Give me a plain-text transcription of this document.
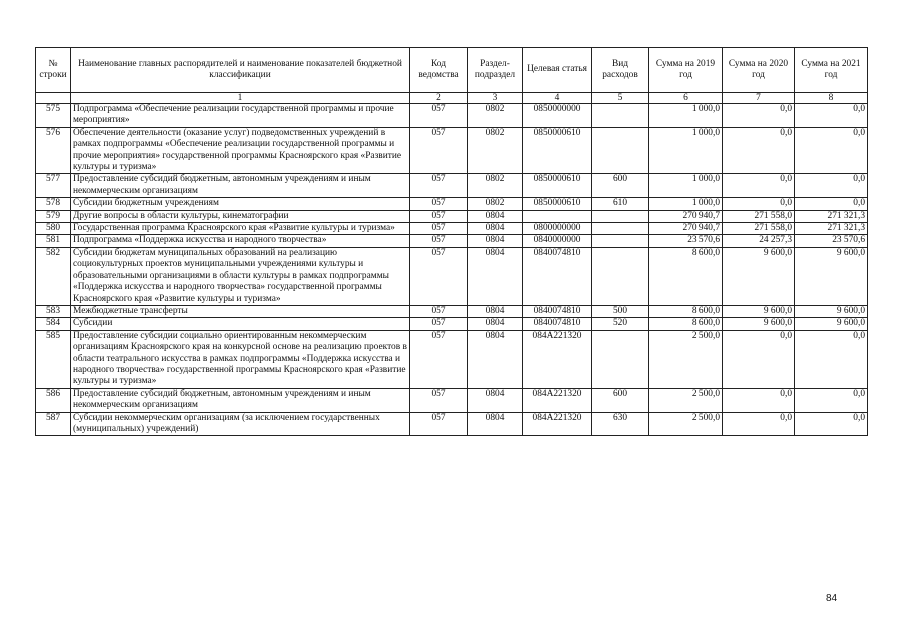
№ строки	Наименование главных распорядителей и наименование показателей бюджетной классификации	Код ведомства	Раздел-подраздел	Целевая статья	Вид расходов	Сумма на 2019 год	Сумма на 2020 год	Сумма на 2021 год
	1	2	3	4	5	6	7	8
575	Подпрограмма «Обеспечение реализации государственной программы и прочие мероприятия»	057	0802	0850000000		1 000,0	0,0	0,0
576	Обеспечение деятельности (оказание услуг) подведомственных учреждений в рамках подпрограммы «Обеспечение реализации государственной программы и прочие мероприятия» государственной программы Красноярского края «Развитие культуры и туризма»	057	0802	0850000610		1 000,0	0,0	0,0
577	Предоставление субсидий бюджетным, автономным учреждениям и иным некоммерческим организациям	057	0802	0850000610	600	1 000,0	0,0	0,0
578	Субсидии бюджетным учреждениям	057	0802	0850000610	610	1 000,0	0,0	0,0
579	Другие вопросы в области культуры, кинематографии	057	0804			270 940,7	271 558,0	271 321,3
580	Государственная программа Красноярского края «Развитие культуры и туризма»	057	0804	0800000000		270 940,7	271 558,0	271 321,3
581	Подпрограмма «Поддержка искусства и народного творчества»	057	0804	0840000000		23 570,6	24 257,3	23 570,6
582	Субсидии бюджетам муниципальных образований на реализацию социокультурных проектов муниципальными учреждениями культуры и образовательными организациями в области культуры в рамках подпрограммы «Поддержка искусства и народного творчества» государственной программы Красноярского края «Развитие культуры и туризма»	057	0804	0840074810		8 600,0	9 600,0	9 600,0
583	Межбюджетные трансферты	057	0804	0840074810	500	8 600,0	9 600,0	9 600,0
584	Субсидии	057	0804	0840074810	520	8 600,0	9 600,0	9 600,0
585	Предоставление субсидии социально ориентированным некоммерческим организациям Красноярского края на конкурсной основе на реализацию проектов в области театрального искусства в рамках подпрограммы «Поддержка искусства и народного творчества» государственной программы Красноярского края «Развитие культуры и туризма»	057	0804	084A221320		2 500,0	0,0	0,0
586	Предоставление субсидий бюджетным, автономным учреждениям и иным некоммерческим организациям	057	0804	084A221320	600	2 500,0	0,0	0,0
587	Субсидии некоммерческим организациям (за исключением государственных (муниципальных) учреждений)	057	0804	084A221320	630	2 500,0	0,0	0,0
84
